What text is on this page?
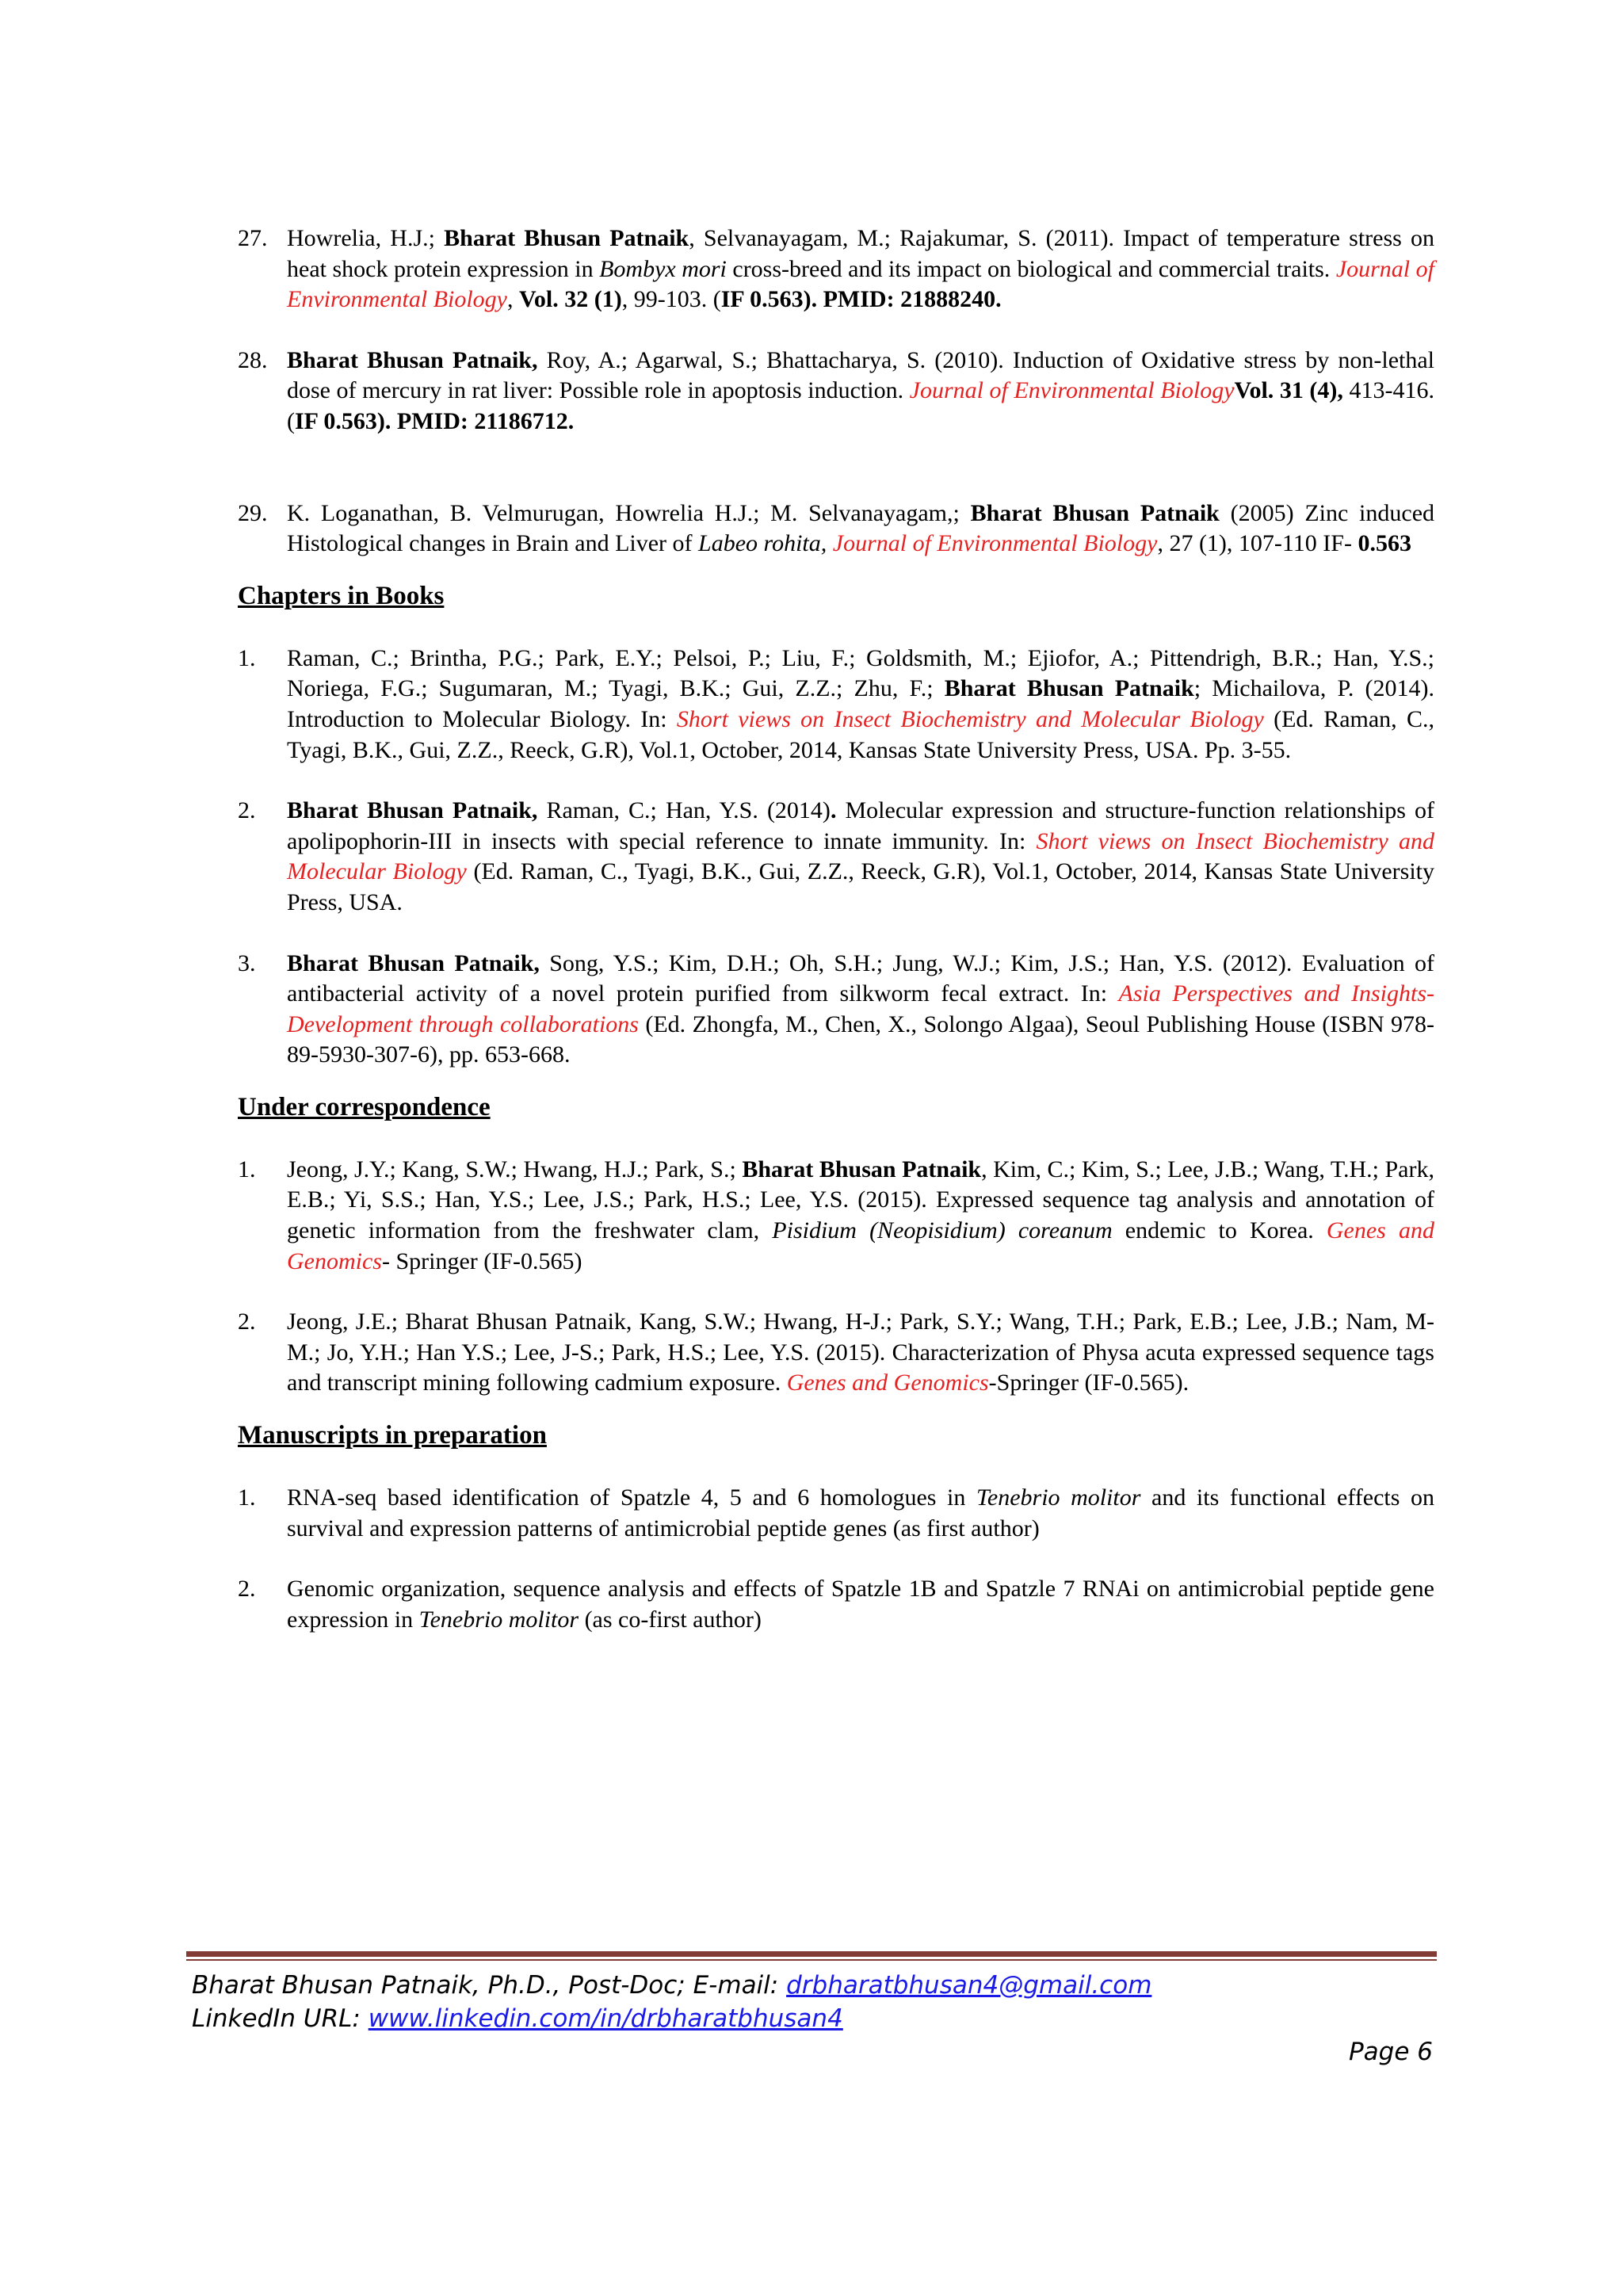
27. Howrelia, H.J.; Bharat Bhusan Patnaik, Selvanayagam, M.; Rajakumar, S. (2011). Impact of temperature stress on heat shock protein expression in Bombyx mori cross-breed and its impact on biological and commercial traits. Journal of Environmental Biology, Vol. 32 (1), 99-103. (IF 0.563). PMID: 21888240.
28. Bharat Bhusan Patnaik, Roy, A.; Agarwal, S.; Bhattacharya, S. (2010). Induction of Oxidative stress by non-lethal dose of mercury in rat liver: Possible role in apoptosis induction. Journal of Environmental BiologyVol. 31 (4), 413-416. (IF 0.563). PMID: 21186712.
29. K. Loganathan, B. Velmurugan, Howrelia H.J.; M. Selvanayagam,; Bharat Bhusan Patnaik (2005) Zinc induced Histological changes in Brain and Liver of Labeo rohita, Journal of Environmental Biology, 27 (1), 107-110 IF- 0.563
Chapters in Books
1.	Raman, C.; Brintha, P.G.; Park, E.Y.; Pelsoi, P.; Liu, F.; Goldsmith, M.; Ejiofor, A.; Pittendrigh, B.R.; Han, Y.S.; Noriega, F.G.; Sugumaran, M.; Tyagi, B.K.; Gui, Z.Z.; Zhu, F.; Bharat Bhusan Patnaik; Michailova, P. (2014). Introduction to Molecular Biology. In: Short views on Insect Biochemistry and Molecular Biology (Ed. Raman, C., Tyagi, B.K., Gui, Z.Z., Reeck, G.R), Vol.1, October, 2014, Kansas State University Press, USA. Pp. 3-55.
2.	Bharat Bhusan Patnaik, Raman, C.; Han, Y.S. (2014). Molecular expression and structure-function relationships of apolipophorin-III in insects with special reference to innate immunity. In: Short views on Insect Biochemistry and Molecular Biology (Ed. Raman, C., Tyagi, B.K., Gui, Z.Z., Reeck, G.R), Vol.1, October, 2014, Kansas State University Press, USA.
3.	Bharat Bhusan Patnaik, Song, Y.S.; Kim, D.H.; Oh, S.H.; Jung, W.J.; Kim, J.S.; Han, Y.S. (2012). Evaluation of antibacterial activity of a novel protein purified from silkworm fecal extract. In: Asia Perspectives and Insights-Development through collaborations (Ed. Zhongfa, M., Chen, X., Solongo Algaa), Seoul Publishing House (ISBN 978-89-5930-307-6), pp. 653-668.
Under correspondence
1.	Jeong, J.Y.; Kang, S.W.; Hwang, H.J.; Park, S.; Bharat Bhusan Patnaik, Kim, C.; Kim, S.; Lee, J.B.; Wang, T.H.; Park, E.B.; Yi, S.S.; Han, Y.S.; Lee, J.S.; Park, H.S.; Lee, Y.S. (2015). Expressed sequence tag analysis and annotation of genetic information from the freshwater clam, Pisidium (Neopisidium) coreanum endemic to Korea. Genes and Genomics- Springer (IF-0.565)
2.	Jeong, J.E.; Bharat Bhusan Patnaik, Kang, S.W.; Hwang, H-J.; Park, S.Y.; Wang, T.H.; Park, E.B.; Lee, J.B.; Nam, M-M.; Jo, Y.H.; Han Y.S.; Lee, J-S.; Park, H.S.; Lee, Y.S. (2015). Characterization of Physa acuta expressed sequence tags and transcript mining following cadmium exposure. Genes and Genomics-Springer (IF-0.565).
Manuscripts in preparation
1.	RNA-seq based identification of Spatzle 4, 5 and 6 homologues in Tenebrio molitor and its functional effects on survival and expression patterns of antimicrobial peptide genes (as first author)
2.	Genomic organization, sequence analysis and effects of Spatzle 1B and Spatzle 7 RNAi on antimicrobial peptide gene expression in Tenebrio molitor (as co-first author)
Bharat Bhusan Patnaik, Ph.D., Post-Doc; E-mail: drbharatbhusan4@gmail.com
LinkedIn URL: www.linkedin.com/in/drbharatbhusan4
Page 6
